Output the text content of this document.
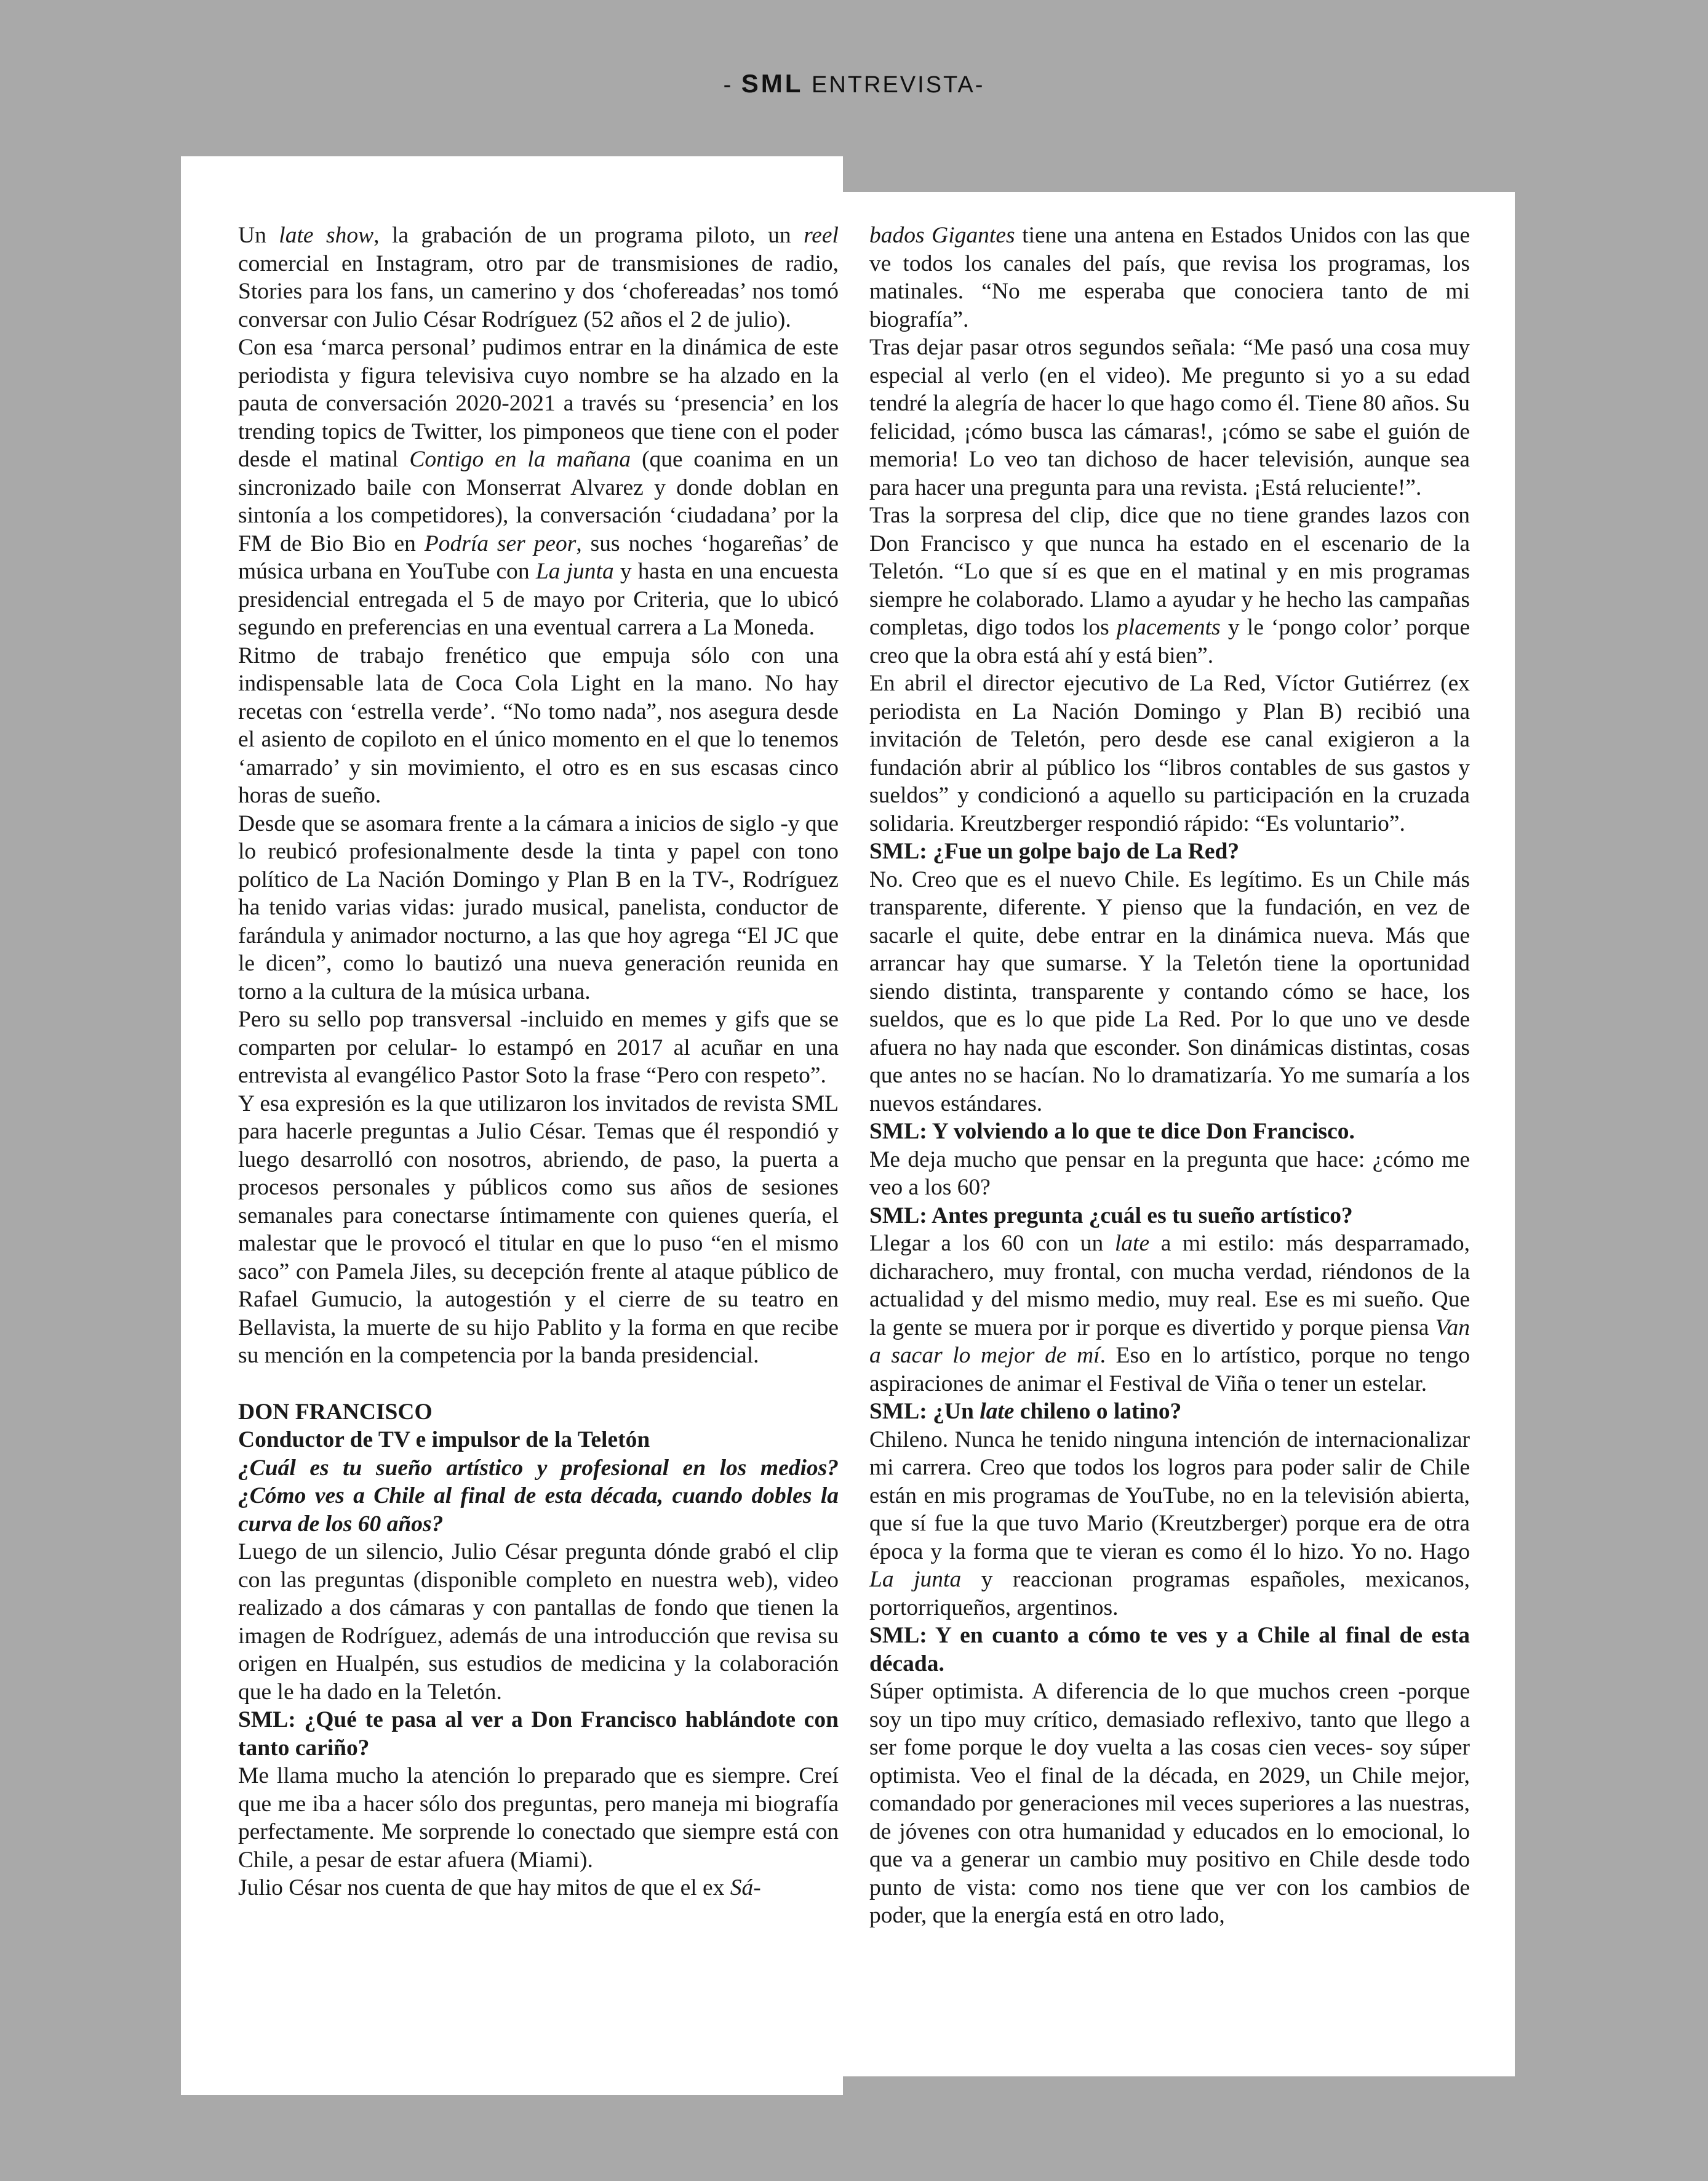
- SML ENTREVISTA-

Un late show, la grabación de un programa piloto, un reel comercial en Instagram, otro par de transmisiones de radio, Stories para los fans, un camerino y dos ‘chofereadas’ nos tomó conversar con Julio César Rodríguez (52 años el 2 de julio).

Con esa ‘marca personal’ pudimos entrar en la dinámica de este periodista y figura televisiva cuyo nombre se ha alzado en la pauta de conversación 2020-2021 a través su ‘presencia’ en los trending topics de Twitter, los pimponeos que tiene con el poder desde el matinal Contigo en la mañana (que coanima en un sincronizado baile con Monserrat Alvarez y donde doblan en sintonía a los competidores), la conversación ‘ciudadana’ por la FM de Bio Bio en Podría ser peor, sus noches ‘hogareñas’ de música urbana en YouTube con La junta y hasta en una encuesta presidencial entregada el 5 de mayo por Criteria, que lo ubicó segundo en preferencias en una eventual carrera a La Moneda.

Ritmo de trabajo frenético que empuja sólo con una indispensable lata de Coca Cola Light en la mano. No hay recetas con ‘estrella verde’. “No tomo nada”, nos asegura desde el asiento de copiloto en el único momento en el que lo tenemos ‘amarrado’ y sin movimiento, el otro es en sus escasas cinco horas de sueño.

Desde que se asomara frente a la cámara a inicios de siglo -y que lo reubicó profesionalmente desde la tinta y papel con tono político de La Nación Domingo y Plan B en la TV-, Rodríguez ha tenido varias vidas: jurado musical, panelista, conductor de farándula y animador nocturno, a las que hoy agrega “El JC que le dicen”, como lo bautizó una nueva generación reunida en torno a la cultura de la música urbana.

Pero su sello pop transversal -incluido en memes y gifs que se comparten por celular- lo estampó en 2017 al acuñar en una entrevista al evangélico Pastor Soto la frase “Pero con respeto”.

Y esa expresión es la que utilizaron los invitados de revista SML para hacerle preguntas a Julio César. Temas que él respondió y luego desarrolló con nosotros, abriendo, de paso, la puerta a procesos personales y públicos como sus años de sesiones semanales para conectarse íntimamente con quienes quería, el malestar que le provocó el titular en que lo puso “en el mismo saco” con Pamela Jiles, su decepción frente al ataque público de Rafael Gumucio, la autogestión y el cierre de su teatro en Bellavista, la muerte de su hijo Pablito y la forma en que recibe su mención en la competencia por la banda presidencial.

DON FRANCISCO

Conductor de TV e impulsor de la Teletón

¿Cuál es tu sueño artístico y profesional en los medios? ¿Cómo ves a Chile al final de esta década, cuando dobles la curva de los 60 años?

Luego de un silencio, Julio César pregunta dónde grabó el clip con las preguntas (disponible completo en nuestra web), video realizado a dos cámaras y con pantallas de fondo que tienen la imagen de Rodríguez, además de una introducción que revisa su origen en Hualpén, sus estudios de medicina y la colaboración que le ha dado en la Teletón.

SML: ¿Qué te pasa al ver a Don Francisco hablándote con tanto cariño?

Me llama mucho la atención lo preparado que es siempre. Creí que me iba a hacer sólo dos preguntas, pero maneja mi biografía perfectamente. Me sorprende lo conectado que siempre está con Chile, a pesar de estar afuera (Miami).

Julio César nos cuenta de que hay mitos de que el ex Sá-

bados Gigantes tiene una antena en Estados Unidos con las que ve todos los canales del país, que revisa los programas, los matinales. “No me esperaba que conociera tanto de mi biografía”.

Tras dejar pasar otros segundos señala: “Me pasó una cosa muy especial al verlo (en el video). Me pregunto si yo a su edad tendré la alegría de hacer lo que hago como él. Tiene 80 años. Su felicidad, ¡cómo busca las cámaras!, ¡cómo se sabe el guión de memoria! Lo veo tan dichoso de hacer televisión, aunque sea para hacer una pregunta para una revista. ¡Está reluciente!”.

Tras la sorpresa del clip, dice que no tiene grandes lazos con Don Francisco y que nunca ha estado en el escenario de la Teletón. “Lo que sí es que en el matinal y en mis programas siempre he colaborado. Llamo a ayudar y he hecho las campañas completas, digo todos los placements y le ‘pongo color’ porque creo que la obra está ahí y está bien”.

En abril el director ejecutivo de La Red, Víctor Gutiérrez (ex periodista en La Nación Domingo y Plan B) recibió una invitación de Teletón, pero desde ese canal exigieron a la fundación abrir al público los “libros contables de sus gastos y sueldos” y condicionó a aquello su participación en la cruzada solidaria. Kreutzberger respondió rápido: “Es voluntario”.

SML: ¿Fue un golpe bajo de La Red?

No. Creo que es el nuevo Chile. Es legítimo. Es un Chile más transparente, diferente. Y pienso que la fundación, en vez de sacarle el quite, debe entrar en la dinámica nueva. Más que arrancar hay que sumarse. Y la Teletón tiene la oportunidad siendo distinta, transparente y contando cómo se hace, los sueldos, que es lo que pide La Red. Por lo que uno ve desde afuera no hay nada que esconder. Son dinámicas distintas, cosas que antes no se hacían. No lo dramatizaría. Yo me sumaría a los nuevos estándares.

SML: Y volviendo a lo que te dice Don Francisco.

Me deja mucho que pensar en la pregunta que hace: ¿cómo me veo a los 60?

SML: Antes pregunta ¿cuál es tu sueño artístico?

Llegar a los 60 con un late a mi estilo: más desparramado, dicharachero, muy frontal, con mucha verdad, riéndonos de la actualidad y del mismo medio, muy real. Ese es mi sueño. Que la gente se muera por ir porque es divertido y porque piensa Van a sacar lo mejor de mí. Eso en lo artístico, porque no tengo aspiraciones de animar el Festival de Viña o tener un estelar.

SML: ¿Un late chileno o latino?

Chileno. Nunca he tenido ninguna intención de internacionalizar mi carrera. Creo que todos los logros para poder salir de Chile están en mis programas de YouTube, no en la televisión abierta, que sí fue la que tuvo Mario (Kreutzberger) porque era de otra época y la forma que te vieran es como él lo hizo. Yo no. Hago La junta y reaccionan programas españoles, mexicanos, portorriqueños, argentinos.

SML: Y en cuanto a cómo te ves y a Chile al final de esta década.

Súper optimista. A diferencia de lo que muchos creen -porque soy un tipo muy crítico, demasiado reflexivo, tanto que llego a ser fome porque le doy vuelta a las cosas cien veces- soy súper optimista. Veo el final de la década, en 2029, un Chile mejor, comandado por generaciones mil veces superiores a las nuestras, de jóvenes con otra humanidad y educados en lo emocional, lo que va a generar un cambio muy positivo en Chile desde todo punto de vista: como nos tiene que ver con los cambios de poder, que la energía está en otro lado,
